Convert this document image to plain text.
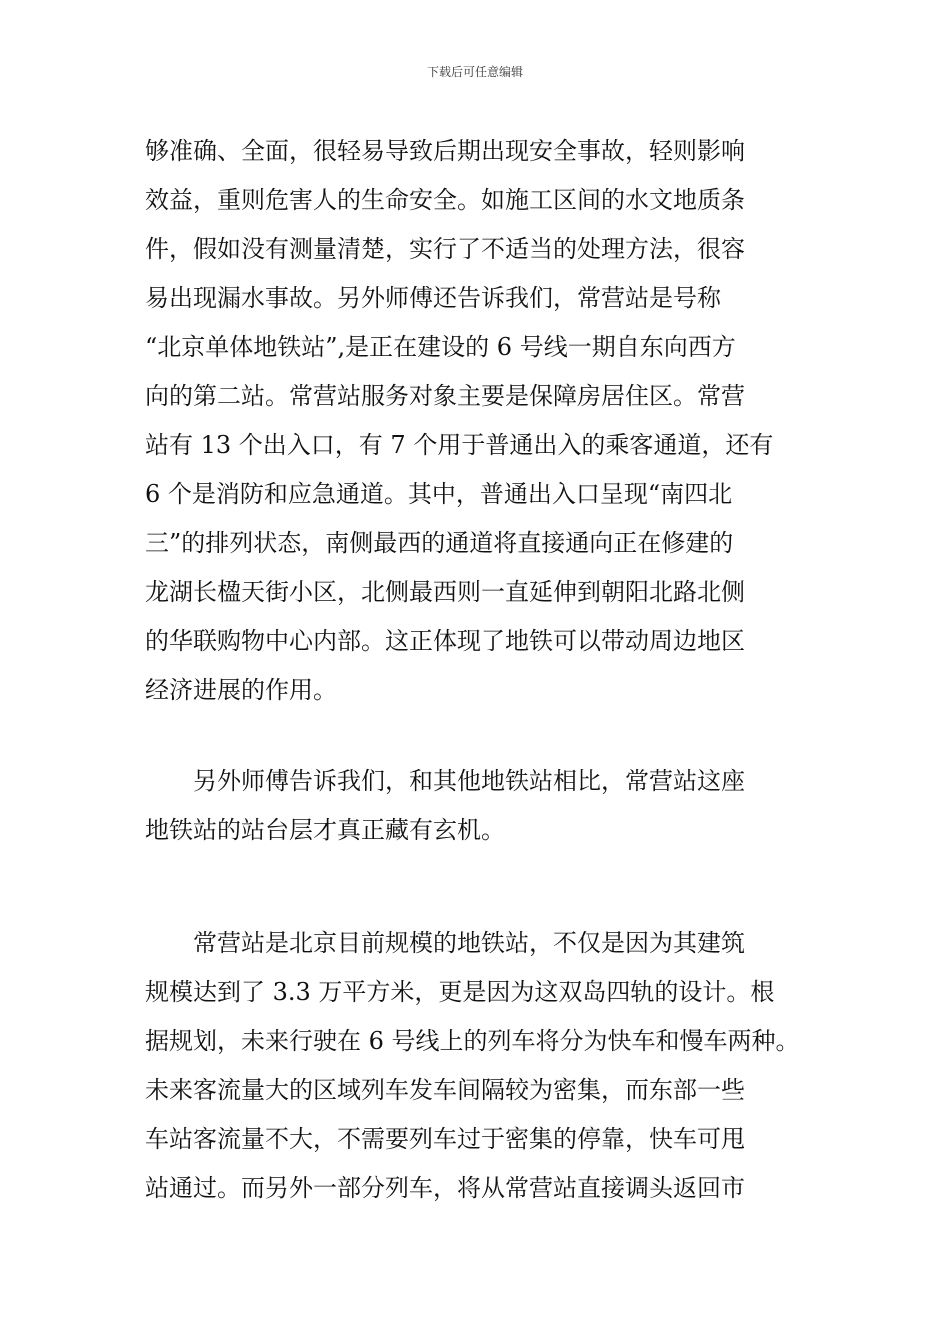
下载后可任意编辑
够准确、全面，很轻易导致后期出现安全事故，轻则影响
效益，重则危害人的生命安全。如施工区间的水文地质条
件，假如没有测量清楚，实行了不适当的处理方法，很容
易出现漏水事故。另外师傅还告诉我们，常营站是号称
“北京单体地铁站”,是正在建设的 6 号线一期自东向西方
向的第二站。常营站服务对象主要是保障房居住区。常营
站有 13 个出入口，有 7 个用于普通出入的乘客通道，还有
6 个是消防和应急通道。其中，普通出入口呈现“南四北
三”的排列状态，南侧最西的通道将直接通向正在修建的
龙湖长楹天街小区，北侧最西则一直延伸到朝阳北路北侧
的华联购物中心内部。这正体现了地铁可以带动周边地区
经济进展的作用。
　　另外师傅告诉我们，和其他地铁站相比，常营站这座
地铁站的站台层才真正藏有玄机。
　　常营站是北京目前规模的地铁站，不仅是因为其建筑
规模达到了 3.3 万平方米，更是因为这双岛四轨的设计。根
据规划，未来行驶在 6 号线上的列车将分为快车和慢车两种。
未来客流量大的区域列车发车间隔较为密集，而东部一些
车站客流量不大，不需要列车过于密集的停靠，快车可甩
站通过。而另外一部分列车，将从常营站直接调头返回市
